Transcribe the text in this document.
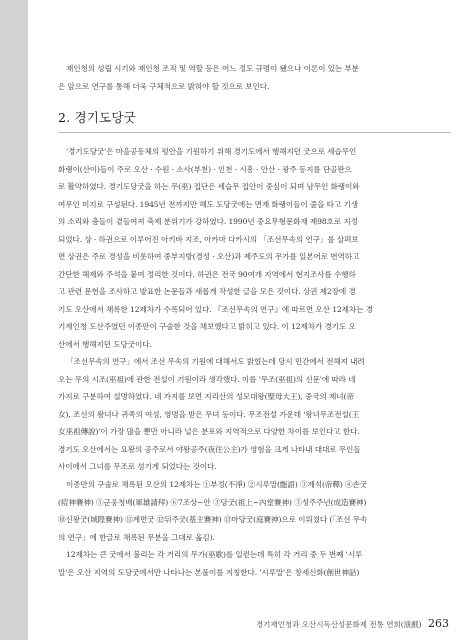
재인청의 성립 시기와 재인청 조직 및 역할 등은 어느 정도 규명이 됐으나 이론이 있는 부분

은 앞으로 연구를 통해 더욱 구체적으로 밝혀야 할 것으로 보인다.

2. 경기도당굿

'경기도당굿'은 마을공동체의 평안을 기원하기 위해 경기도에서 행해지던 굿으로 세습무인

화랭이(산이)들이 주로 오산 · 수원 · 소사(부천) · 인천 · 시흥 · 안산 · 광주 등지를 단골판으

로 활약하였다. 경기도당굿을 하는 무(巫) 집단은 세습무 집안이 중심이 되며 남무인 화랭이와

여무인 미지로 구성된다. 1945년 전까지만 해도 도당굿에는 면재 화랭이들이 줄을 타고 기생

의 소리와 춤들이 곁들여져 축제 분위기가 강하였다. 1990년 중요무형문화재 제98호로 지정

되었다. 상 · 하권으로 이루어진 아키바 지조, 아카마 다카시의 「조선무속의 연구」를 살펴보

면 상권은 주로 경성을 비롯하여 중부지방(경성 · 오산)과 제주도의 무가를 일본어로 번역하고

간단한 해제와 주석을 붙여 정리한 것이다. 하권은 전국 90여개 지역에서 현지조사를 수행하

고 관련 문헌을 조사하고 발표한 논문들과 새롭게 작성한 글을 모은 것이다. 상권 제2장에 경

기도 오산에서 채록한 12제차가 수록되어 있다. 『조선무속의 연구』에 따르면 오산 12제차는 경

기재인청 도산주였던 이종만이 구술한 것을 채보했다고 밝히고 있다. 이 12제차가 경기도 오

산에서 행해지던 도당굿이다.

「조선무속의 연구」에서 조선 무속의 기원에 대해서도 밝혔는데 당시 민간에서 전해져 내려

오는 무의 시조(巫祖)에 관한 전설이 기원이라 생각했다. 이를 '무조(巫祖)의 신문'에 따라 네

가지로 구분하여 설명하였다. 네 가지를 보면 지리산의 성모대왕(聖母大王), 중국의 제녀(帝

女), 조선의 왕녀나 귀족의 여성, 영명을 받은 무녀 등이다. 무조전설 가운데 '왕녀무조전설(王

女巫祖傳說)'이 가장 많을 뿐만 아니라 널은 분포와 지역적으로 다양한 차이를 보인다고 한다.

경기도 오산에서는 요왕의 공주로서 야왕공주(夜往公主)가 영험을 크게 나타내 대대로 무인들

사이에서 그녀를 무조로 섬기게 되었다는 것이다.

이종만의 구술로 채록된 오산의 12제차는 ①부정(不淨) ②시루말(甑語) ③제석(帝釋) ④손굿

(痘神賽神) ⑤군웅청배(軍雄請拜) ⑥7조상~안 ③당굿(祖上~內堂賽神) ③성주주년(成造賽神)

⑩신왕굿(城隍賽神) ⑪계면굿 ⑫뒤주굿(基主賽神) ⑬마당굿(庭賽神)으로 이뤄졌다 (「조선 무속

의 연구」에 한글로 채록된 무분을 그대로 옮김).

12제차는 큰 굿에서 불리는 각 거리의 무가(巫歌)를 일컫는데 특히 각 거리 중 두 번째 '시루

말'은 오산 지역의 도당굿에서만 나타나는 본풀이를 지칭한다. '시루말'은 창세신화(創世神話)

경기재인청과 오산시독산성문화제 전통 연희(演戲) 263
